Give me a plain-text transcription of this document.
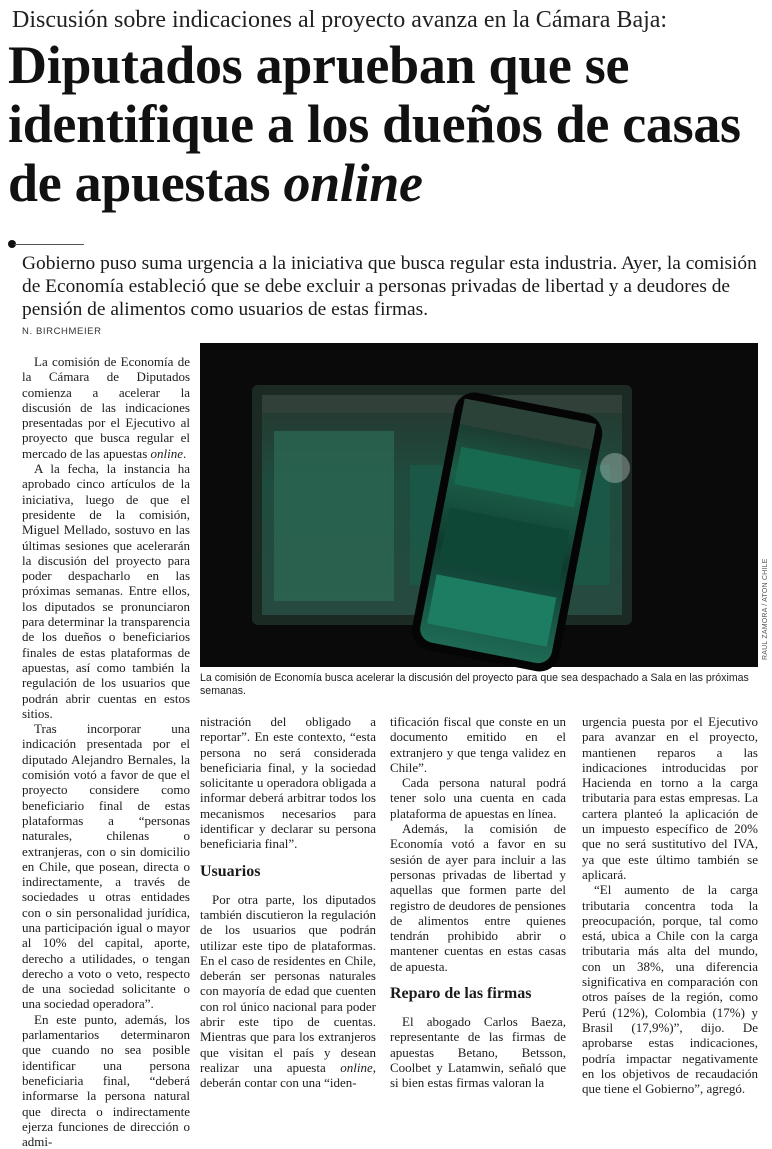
Discusión sobre indicaciones al proyecto avanza en la Cámara Baja:
Diputados aprueban que se identifique a los dueños de casas de apuestas online
Gobierno puso suma urgencia a la iniciativa que busca regular esta industria. Ayer, la comisión de Economía estableció que se debe excluir a personas privadas de libertad y a deudores de pensión de alimentos como usuarios de estas firmas.
N. BIRCHMEIER

La comisión de Economía de la Cámara de Diputados comienza a acelerar la discusión de las indicaciones presentadas por el Ejecutivo al proyecto que busca regular el mercado de las apuestas online.

A la fecha, la instancia ha aprobado cinco artículos de la iniciativa, luego de que el presidente de la comisión, Miguel Mellado, sostuvo en las últimas sesiones que acelerarán la discusión del proyecto para poder despacharlo en las próximas semanas. Entre ellos, los diputados se pronunciaron para determinar la transparencia de los dueños o beneficiarios finales de estas plataformas de apuestas, así como también la regulación de los usuarios que podrán abrir cuentas en estos sitios.

Tras incorporar una indicación presentada por el diputado Alejandro Bernales, la comisión votó a favor de que el proyecto considere como beneficiario final de estas plataformas a “personas naturales, chilenas o extranjeras, con o sin domicilio en Chile, que posean, directa o indirectamente, a través de sociedades u otras entidades con o sin personalidad jurídica, una participación igual o mayor al 10% del capital, aporte, derecho a utilidades, o tengan derecho a voto o veto, respecto de una sociedad solicitante o una sociedad operadora”.

En este punto, además, los parlamentarios determinaron que cuando no sea posible identificar una persona beneficiaria final, “deberá informarse la persona natural que directa o indirectamente ejerza funciones de dirección o admi-

RAUL ZAMORA / ATON CHILE
La comisión de Economía busca acelerar la discusión del proyecto para que sea despachado a Sala en las próximas semanas.

nistración del obligado a reportar”. En este contexto, “esta persona no será considerada beneficiaria final, y la sociedad solicitante u operadora obligada a informar deberá arbitrar todos los mecanismos necesarios para identificar y declarar su persona beneficiaria final”.

Usuarios

Por otra parte, los diputados también discutieron la regulación de los usuarios que podrán utilizar este tipo de plataformas. En el caso de residentes en Chile, deberán ser personas naturales con mayoría de edad que cuenten con rol único nacional para poder abrir este tipo de cuentas. Mientras que para los extranjeros que visitan el país y desean realizar una apuesta online, deberán contar con una “iden-

tificación fiscal que conste en un documento emitido en el extranjero y que tenga validez en Chile”.

Cada persona natural podrá tener solo una cuenta en cada plataforma de apuestas en línea.

Además, la comisión de Economía votó a favor en su sesión de ayer para incluir a las personas privadas de libertad y aquellas que formen parte del registro de deudores de pensiones de alimentos entre quienes tendrán prohibido abrir o mantener cuentas en estas casas de apuesta.

Reparo de las firmas

El abogado Carlos Baeza, representante de las firmas de apuestas Betano, Betsson, Coolbet y Latamwin, señaló que si bien estas firmas valoran la

urgencia puesta por el Ejecutivo para avanzar en el proyecto, mantienen reparos a las indicaciones introducidas por Hacienda en torno a la carga tributaria para estas empresas. La cartera planteó la aplicación de un impuesto específico de 20% que no será sustitutivo del IVA, ya que este último también se aplicará.

“El aumento de la carga tributaria concentra toda la preocupación, porque, tal como está, ubica a Chile con la carga tributaria más alta del mundo, con un 38%, una diferencia significativa en comparación con otros países de la región, como Perú (12%), Colombia (17%) y Brasil (17,9%)”, dijo. De aprobarse estas indicaciones, podría impactar negativamente en los objetivos de recaudación que tiene el Gobierno”, agregó.
